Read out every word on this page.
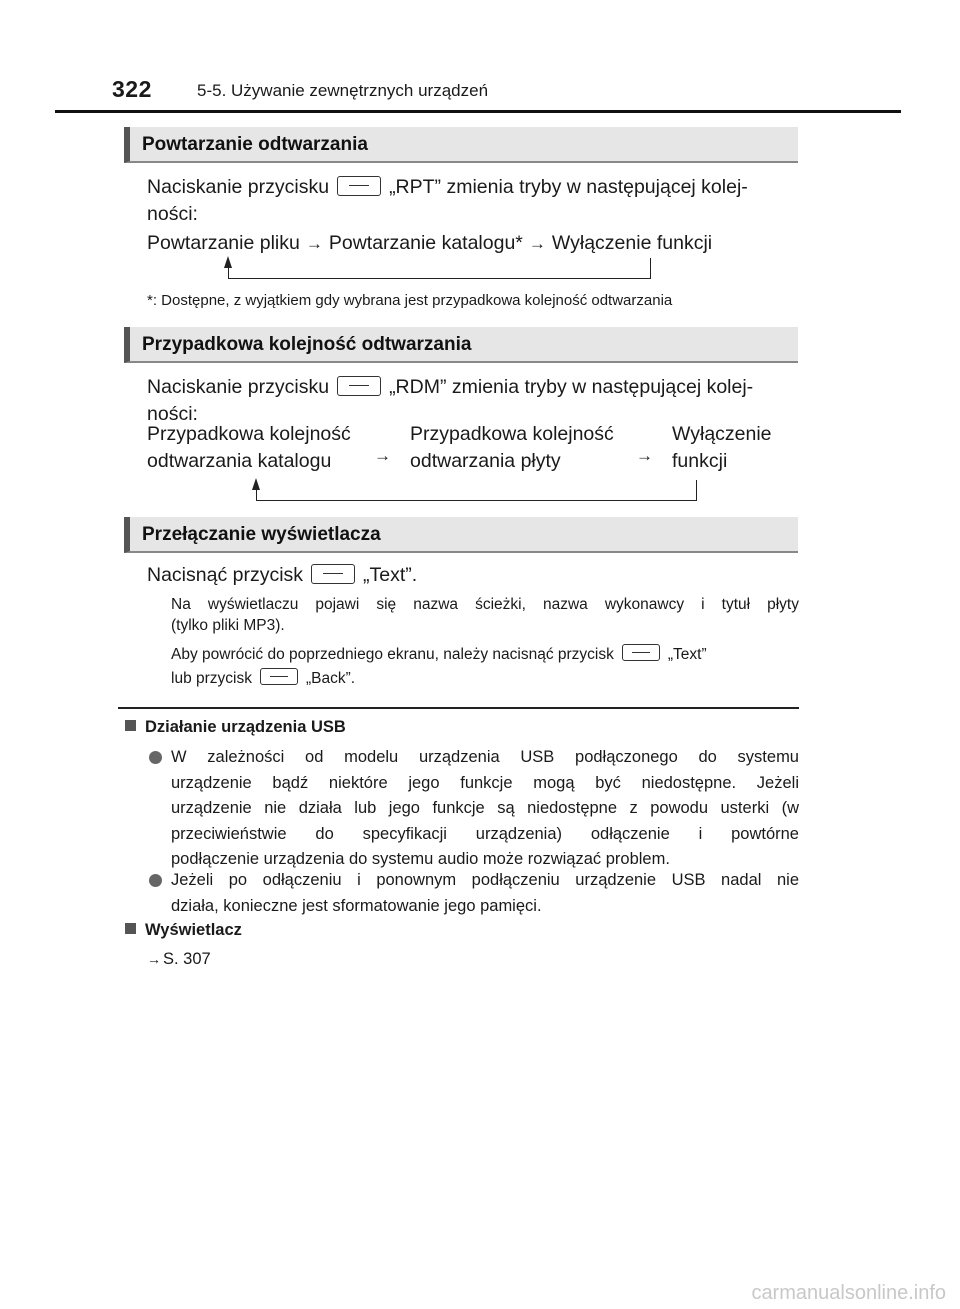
322	5-5. Używanie zewnętrznych urządzeń
Powtarzanie odtwarzania
Naciskanie przycisku	„RPT” zmienia tryby w następującej kolej-
ności:
Powtarzanie pliku → Powtarzanie katalogu* → Wyłączenie funkcji
*: Dostępne, z wyjątkiem gdy wybrana jest przypadkowa kolejność odtwarzania
Przypadkowa kolejność odtwarzania
Naciskanie przycisku	„RDM” zmienia tryby w następującej kolej-
ności:
Przypadkowa kolejność
odtwarzania katalogu	→
Przypadkowa kolejność
odtwarzania płyty	→
Wyłączenie
funkcji
Przełączanie wyświetlacza
Nacisnąć przycisk	„Text”.
Na wyświetlaczu pojawi się nazwa ścieżki, nazwa wykonawcy i tytuł płyty
(tylko pliki MP3).
Aby powrócić do poprzedniego ekranu, należy nacisnąć przycisk	„Text”
lub przycisk	„Back”.
Działanie urządzenia USB
W zależności od modelu urządzenia USB podłączonego do systemu
urządzenie bądź niektóre jego funkcje mogą być niedostępne. Jeżeli
urządzenie nie działa lub jego funkcje są niedostępne z powodu usterki (w
przeciwieństwie do specyfikacji urządzenia) odłączenie i powtórne
podłączenie urządzenia do systemu audio może rozwiązać problem.
Jeżeli po odłączeniu i ponownym podłączeniu urządzenie USB nadal nie
działa, konieczne jest sformatowanie jego pamięci.
Wyświetlacz
→ S. 307
carmanualsonline.info
